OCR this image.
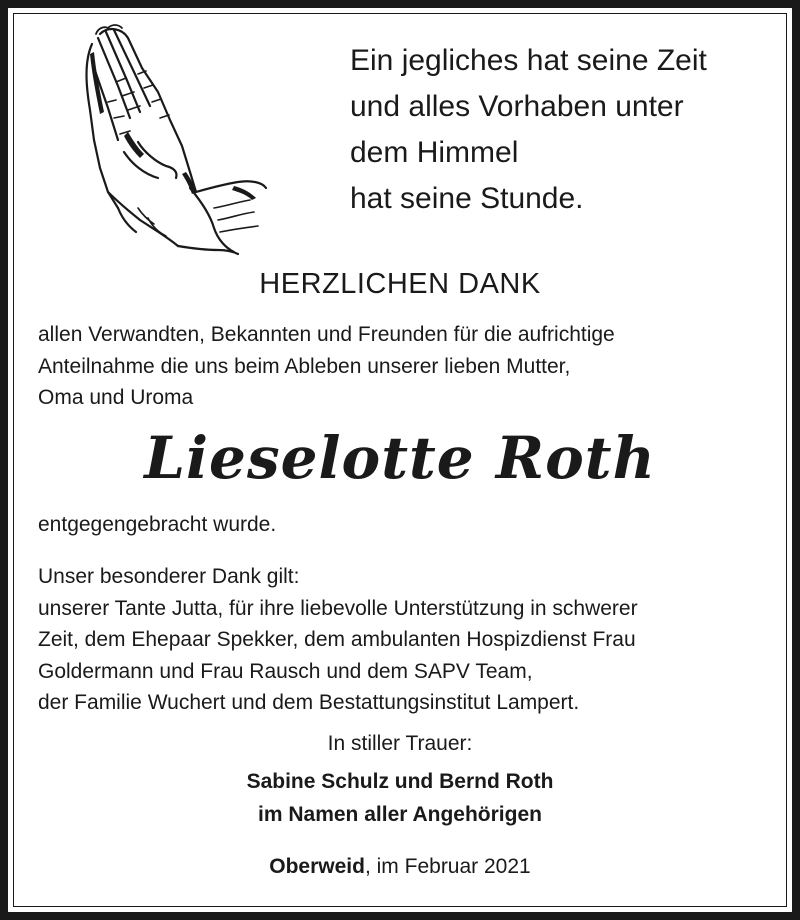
Ein jegliches hat seine Zeit
und alles Vorhaben unter
dem Himmel
hat seine Stunde.
HERZLICHEN DANK
allen Verwandten, Bekannten und Freunden für die aufrichtige
Anteilnahme die uns beim Ableben unserer lieben Mutter,
Oma und Uroma
Lieselotte Roth
entgegengebracht wurde.
Unser besonderer Dank gilt:
unserer Tante Jutta, für ihre liebevolle Unterstützung in schwerer
Zeit, dem Ehepaar Spekker, dem ambulanten Hospizdienst Frau
Goldermann und Frau Rausch und dem SAPV Team,
der Familie Wuchert und dem Bestattungsinstitut Lampert.
In stiller Trauer:
Sabine Schulz und Bernd Roth
im Namen aller Angehörigen
Oberweid, im Februar 2021
